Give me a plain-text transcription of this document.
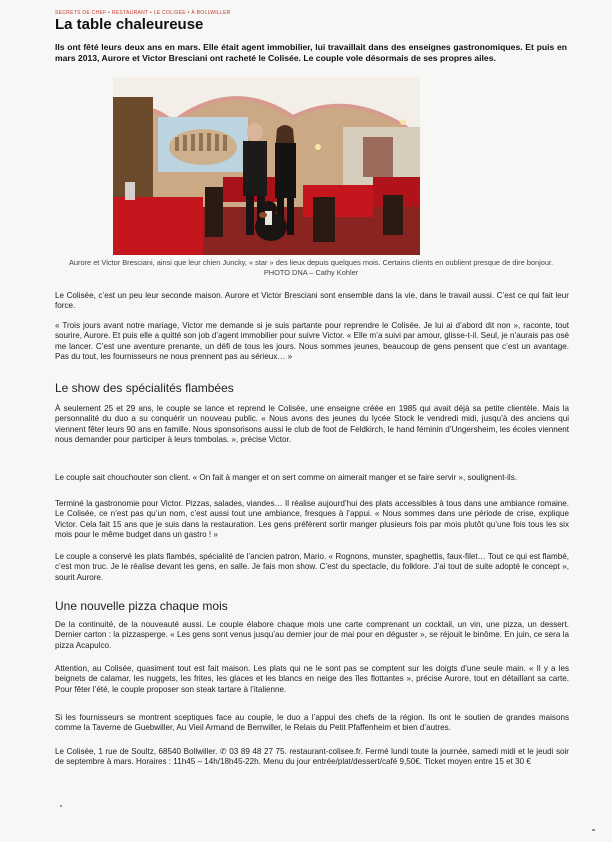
SECRETS DE CHEF • RESTAURANT • LE COLISÉE • À BOLLWILLER
La table chaleureuse

Ils ont fêté leurs deux ans en mars. Elle était agent immobilier, lui travaillait dans des enseignes gastronomiques. Et puis en mars 2013, Aurore et Victor Bresciani ont racheté le Colisée. Le couple vole désormais de ses propres ailes.

Aurore et Victor Bresciani, ainsi que leur chien Juncky, « star » des lieux depuis quelques mois. Certains clients en oublient presque de dire bonjour. PHOTO DNA – Cathy Kohler

Le Colisée, c’est un peu leur seconde maison. Aurore et Victor Bresciani sont ensemble dans la vie, dans le travail aussi. C’est ce qui fait leur force.

« Trois jours avant notre mariage, Victor me demande si je suis partante pour reprendre le Colisée. Je lui ai d’abord dit non », raconte, tout sourire, Aurore. Et puis elle a quitté son job d’agent immobilier pour suivre Victor. « Elle m’a suivi par amour, glisse-t-il. Seul, je n’aurais pas osé me lancer. C’est une aventure prenante, un défi de tous les jours. Nous sommes jeunes, beaucoup de gens pensent que c’est un avantage. Pas du tout, les fournisseurs ne nous prennent pas au sérieux… »

Le show des spécialités flambées

À seulement 25 et 29 ans, le couple se lance et reprend le Colisée, une enseigne créée en 1985 qui avait déjà sa petite clientèle. Mais la personnalité du duo a su conquérir un nouveau public. « Nous avons des jeunes du lycée Stock le vendredi midi, jusqu’à des anciens qui viennent fêter leurs 90 ans en famille. Nous sponsorisons aussi le club de foot de Feldkirch, le hand féminin d’Ungersheim, les écoles viennent nous demander pour participer à leurs tombolas. », précise Victor.

Le couple sait chouchouter son client. « On fait à manger et on sert comme on aimerait manger et se faire servir », soulignent-ils.

Terminé la gastronomie pour Victor. Pizzas, salades, viandes… Il réalise aujourd’hui des plats accessibles à tous dans une ambiance romaine. Le Colisée, ce n’est pas qu’un nom, c’est aussi tout une ambiance, fresques à l’appui. « Nous sommes dans une période de crise, explique Victor. Cela fait 15 ans que je suis dans la restauration. Les gens préfèrent sortir manger plusieurs fois par mois plutôt qu’une fois tous les six mois pour le même budget dans un gastro ! »

Le couple a conservé les plats flambés, spécialité de l’ancien patron, Mario. « Rognons, munster, spaghettis, faux-filet… Tout ce qui est flambé, c’est mon truc. Je le réalise devant les gens, en salle. Je fais mon show. C’est du spectacle, du folklore. J’ai tout de suite adopté le concept », sourit Aurore.

Une nouvelle pizza chaque mois

De la continuité, de la nouveauté aussi. Le couple élabore chaque mois une carte comprenant un cocktail, un vin, une pizza, un dessert. Dernier carton : la pizzasperge. « Les gens sont venus jusqu’au dernier jour de mai pour en déguster », se réjouit le binôme. En juin, ce sera la pizza Acapulco.

Attention, au Colisée, quasiment tout est fait maison. Les plats qui ne le sont pas se comptent sur les doigts d’une seule main. « Il y a les beignets de calamar, les nuggets, les frites, les glaces et les blancs en neige des îles flottantes », précise Aurore, tout en détaillant sa carte. Pour fêter l’été, le couple proposer son steak tartare à l’italienne.

Si les fournisseurs se montrent sceptiques face au couple, le duo a l’appui des chefs de la région. Ils ont le soutien de grandes maisons comme la Taverne de Guebwiller, Au Vieil Armand de Berrwiller, le Relais du Petit Pfaffenheim et bien d’autres.

Le Colisée, 1 rue de Soultz, 68540 Bollwiller. ✆ 03 89 48 27 75. restaurant-colisee.fr. Fermé lundi toute la journée, samedi midi et le jeudi soir de septembre à mars. Horaires : 11h45 – 14h/18h45-22h. Menu du jour entrée/plat/dessert/café 9,50€. Ticket moyen entre 15 et 30 €
